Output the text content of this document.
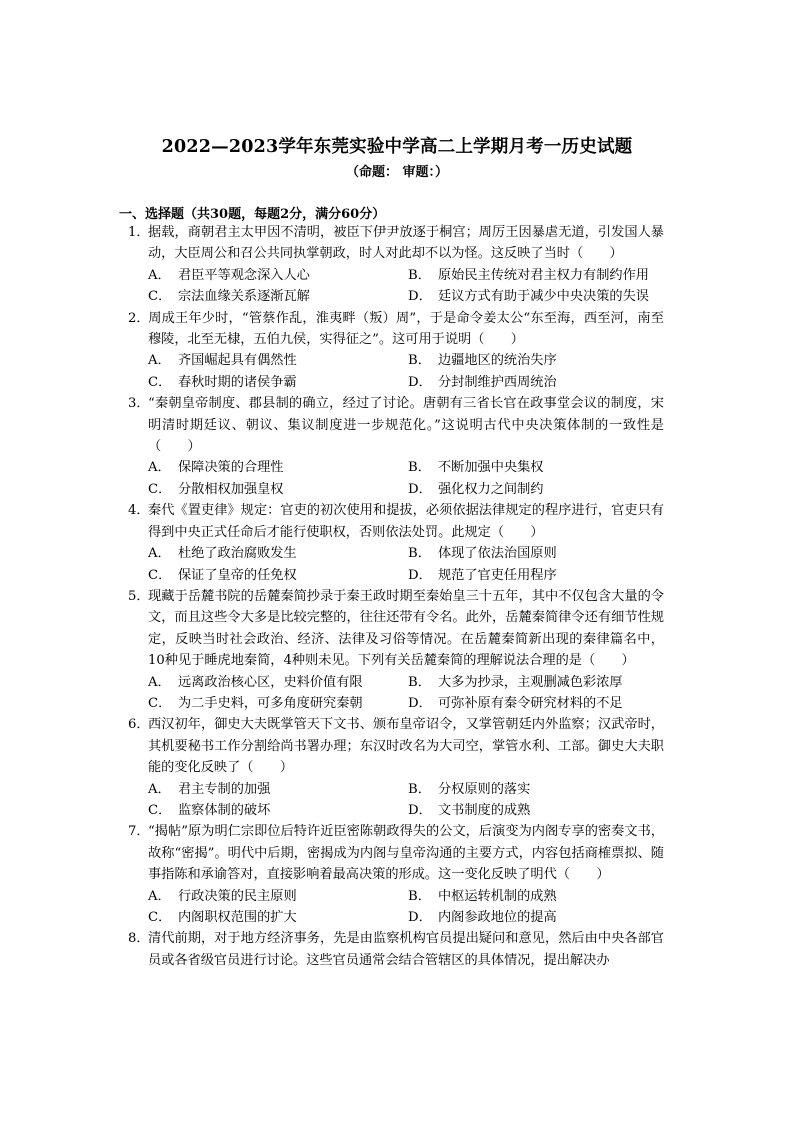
2022—2023学年东莞实验中学高二上学期月考一历史试题
（命题： 审题：）
一、选择题（共30题，每题2分，满分60分）
1．据载，商朝君主太甲因不清明，被臣下伊尹放逐于桐宫；周厉王因暴虐无道，引发国人暴动，大臣周公和召公共同执掌朝政，时人对此却不以为怪。这反映了当时（　　）
A． 君臣平等观念深入人心	B． 原始民主传统对君主权力有制约作用
C． 宗法血缘关系逐渐瓦解	D． 廷议方式有助于减少中央决策的失误
2．周成王年少时，“管蔡作乱，淮夷畔（叛）周”，于是命令姜太公“东至海，西至河，南至穆陵，北至无棣，五伯九侯，实得征之”。这可用于说明（　　）
A． 齐国崛起具有偶然性	B． 边疆地区的统治失序
C． 春秋时期的诸侯争霸	D． 分封制维护西周统治
3．“秦朝皇帝制度、郡县制的确立，经过了讨论。唐朝有三省长官在政事堂会议的制度，宋明清时期廷议、朝议、集议制度进一步规范化。”这说明古代中央决策体制的一致性是（　　）
A． 保障决策的合理性	B． 不断加强中央集权
C． 分散相权加强皇权	D． 强化权力之间制约
4．秦代《置吏律》规定：官吏的初次使用和提拔，必须依据法律规定的程序进行，官吏只有得到中央正式任命后才能行使职权，否则依法处罚。此规定（　　）
A． 杜绝了政治腐败发生	B． 体现了依法治国原则
C． 保证了皇帝的任免权	D． 规范了官吏任用程序
5．现藏于岳麓书院的岳麓秦简抄录于秦王政时期至秦始皇三十五年，其中不仅包含大量的令文，而且这些令大多是比较完整的，往往还带有令名。此外，岳麓秦简律令还有细节性规定，反映当时社会政治、经济、法律及习俗等情况。在岳麓秦简新出现的秦律篇名中，10种见于睡虎地秦简，4种则未见。下列有关岳麓秦简的理解说法合理的是（　　）
A． 远离政治核心区，史料价值有限	B． 大多为抄录，主观删减色彩浓厚
C． 为二手史料，可多角度研究秦朝	D． 可弥补原有秦令研究材料的不足
6．西汉初年，御史大夫既掌管天下文书、颁布皇帝诏令，又掌管朝廷内外监察；汉武帝时，其机要秘书工作分割给尚书署办理；东汉时改名为大司空，掌管水利、工部。御史大夫职能的变化反映了（　　）
A． 君主专制的加强	B． 分权原则的落实
C． 监察体制的破坏	D． 文书制度的成熟
7．“揭帖”原为明仁宗即位后特许近臣密陈朝政得失的公文，后演变为内阁专享的密奏文书，故称“密揭”。明代中后期，密揭成为内阁与皇帝沟通的主要方式，内容包括商榷票拟、随事指陈和承谕答对，直接影响着最高决策的形成。这一变化反映了明代（　　）
A． 行政决策的民主原则	B． 中枢运转机制的成熟
C． 内阁职权范围的扩大	D． 内阁参政地位的提高
8．清代前期，对于地方经济事务，先是由监察机构官员提出疑问和意见，然后由中央各部官员或各省级官员进行讨论。这些官员通常会结合管辖区的具体情况，提出解决办
